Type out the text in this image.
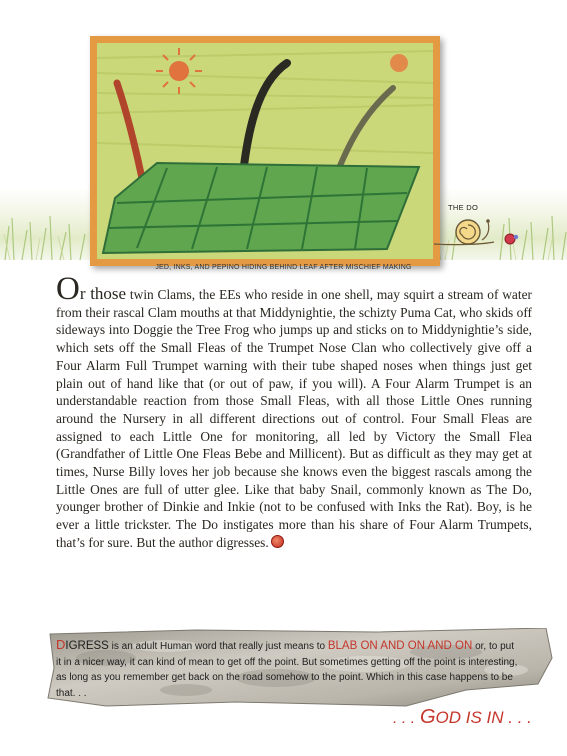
THE DO
JED, INKS, AND PEPINO HIDING BEHIND LEAF AFTER MISCHIEF MAKING
Or those twin Clams, the EEs who reside in one shell, may squirt a stream of water from their rascal Clam mouths at that Middynightie, the schizty Puma Cat, who skids off sideways into Doggie the Tree Frog who jumps up and sticks on to Middynightie’s side, which sets off the Small Fleas of the Trumpet Nose Clan who collectively give off a Four Alarm Full Trumpet warning with their tube shaped noses when things just get plain out of hand like that (or out of paw, if you will). A Four Alarm Trumpet is an understandable reaction from those Small Fleas, with all those Little Ones running around the Nursery in all different directions out of control. Four Small Fleas are assigned to each Little One for monitoring, all led by Victory the Small Flea (Grandfather of Little One Fleas Bebe and Millicent). But as difficult as they may get at times, Nurse Billy loves her job because she knows even the biggest rascals among the Little Ones are full of utter glee. Like that baby Snail, commonly known as The Do, younger brother of Dinkie and Inkie (not to be confused with Inks the Rat). Boy, is he ever a little trickster. The Do instigates more than his share of Four Alarm Trumpets, that’s for sure. But the author digresses.
DIGRESS is an adult Human word that really just means to BLAB ON AND ON AND ON or, to put it in a nicer way, it can kind of mean to get off the point. But sometimes getting off the point is interesting, as long as you remember get back on the road somehow to the point. Which in this case happens to be that. . .
. . . GOD IS IN . . .
